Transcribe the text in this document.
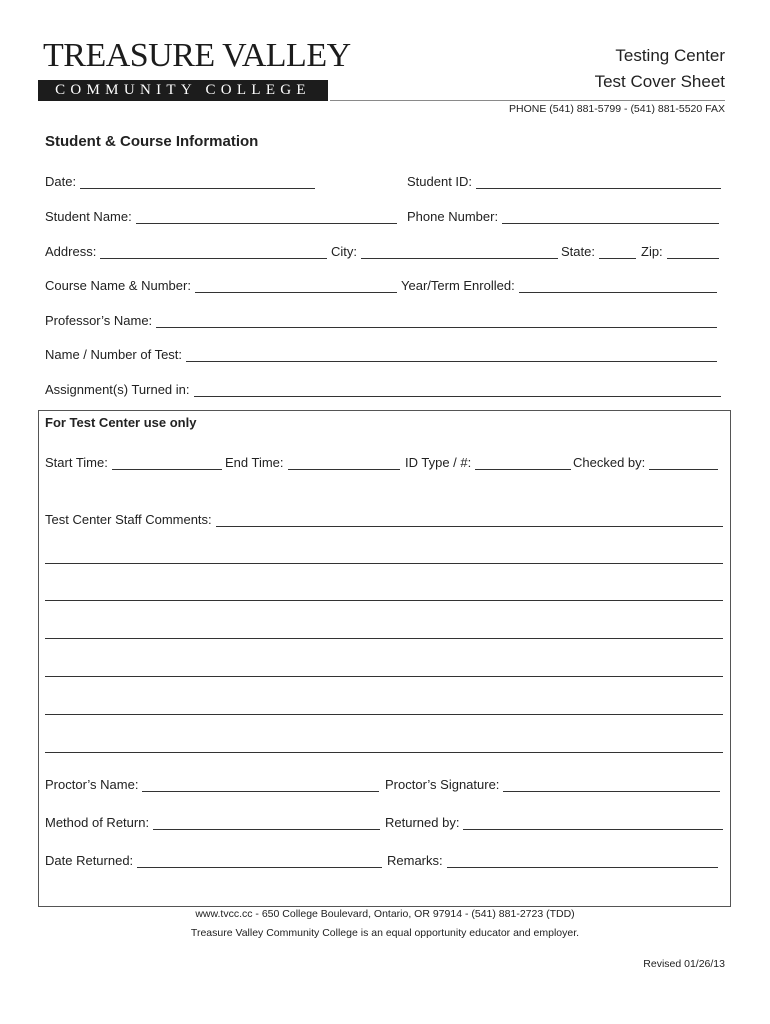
TREASURE VALLEY
COMMUNITY COLLEGE
Testing Center
Test Cover Sheet
PHONE (541) 881-5799 - (541) 881-5520 FAX
Student & Course Information
Date:	Student ID:
Student Name:	Phone Number:
Address:	City:	State:	Zip:
Course Name & Number:	Year/Term Enrolled:
Professor’s Name:
Name / Number of Test:
Assignment(s) Turned in:
For Test Center use only
Start Time:	End Time:	ID Type / #:	Checked by:
Test Center Staff Comments:
Proctor’s Name:	Proctor’s Signature:
Method of Return:	Returned by:
Date Returned:	Remarks:
www.tvcc.cc - 650 College Boulevard, Ontario, OR 97914 - (541) 881-2723 (TDD)
Treasure Valley Community College is an equal opportunity educator and employer.
Revised 01/26/13
